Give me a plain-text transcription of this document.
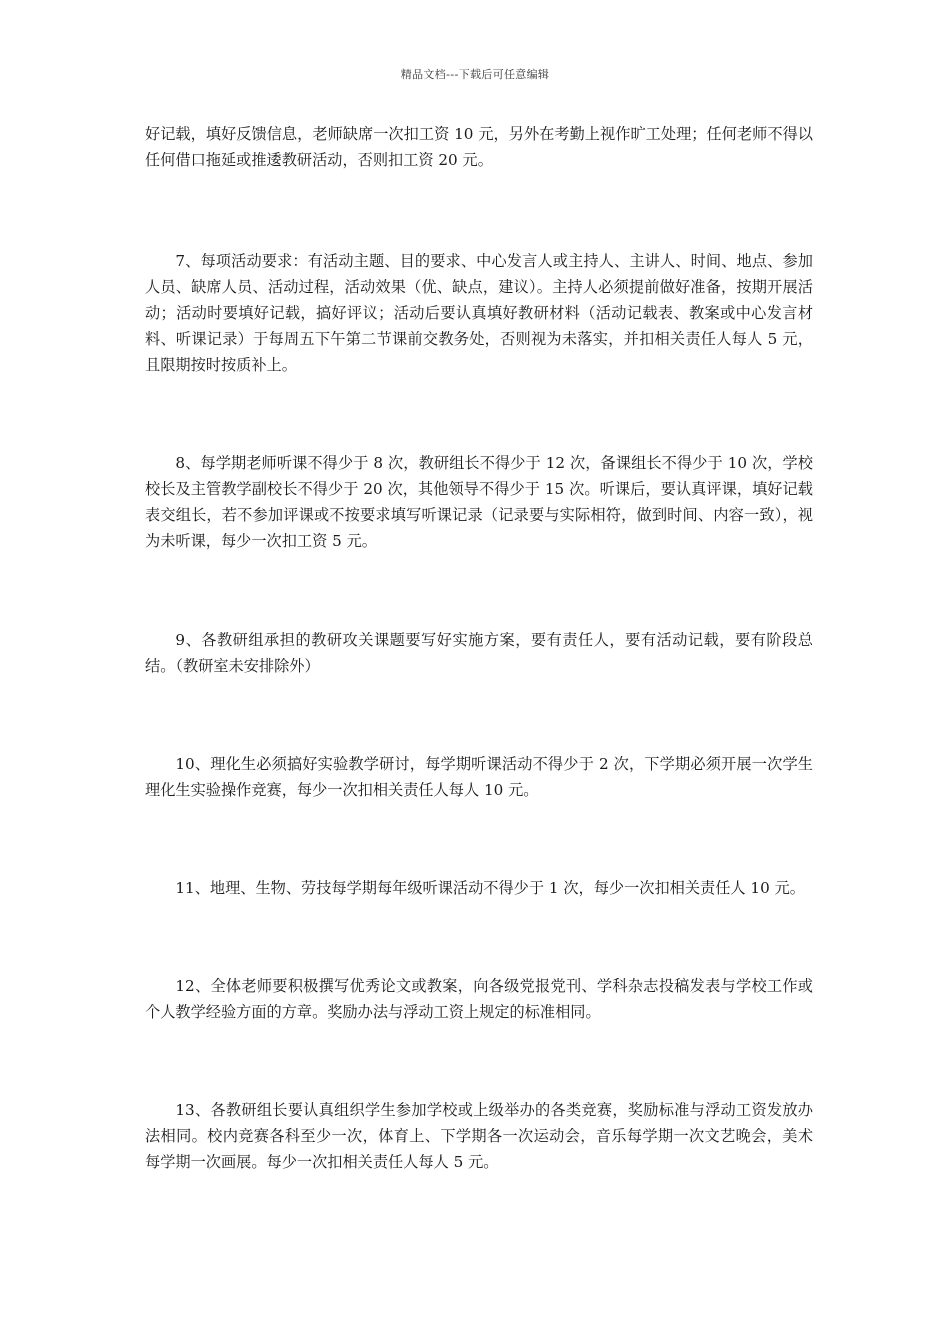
精品文档---下载后可任意编辑

好记载，填好反馈信息，老师缺席一次扣工资 10 元，另外在考勤上视作旷工处理；任何老师不得以任何借口拖延或推逶教研活动，否则扣工资 20 元。

7、每项活动要求：有活动主题、目的要求、中心发言人或主持人、主讲人、时间、地点、参加人员、缺席人员、活动过程，活动效果（优、缺点，建议）。主持人必须提前做好准备，按期开展活动；活动时要填好记载，搞好评议；活动后要认真填好教研材料（活动记载表、教案或中心发言材料、听课记录）于每周五下午第二节课前交教务处，否则视为未落实，并扣相关责任人每人 5 元，且限期按时按质补上。

8、每学期老师听课不得少于 8 次，教研组长不得少于 12 次，备课组长不得少于 10 次，学校校长及主管教学副校长不得少于 20 次，其他领导不得少于 15 次。听课后，要认真评课，填好记载表交组长，若不参加评课或不按要求填写听课记录（记录要与实际相符，做到时间、内容一致），视为未听课，每少一次扣工资 5 元。

9、各教研组承担的教研攻关课题要写好实施方案，要有责任人，要有活动记载，要有阶段总结。（教研室未安排除外）

10、理化生必须搞好实验教学研讨，每学期听课活动不得少于 2 次，下学期必须开展一次学生理化生实验操作竞赛，每少一次扣相关责任人每人 10 元。

11、地理、生物、劳技每学期每年级听课活动不得少于 1 次，每少一次扣相关责任人 10 元。

12、全体老师要积极撰写优秀论文或教案，向各级党报党刊、学科杂志投稿发表与学校工作或个人教学经验方面的方章。奖励办法与浮动工资上规定的标准相同。

13、各教研组长要认真组织学生参加学校或上级举办的各类竞赛，奖励标准与浮动工资发放办法相同。校内竞赛各科至少一次，体育上、下学期各一次运动会，音乐每学期一次文艺晚会，美术每学期一次画展。每少一次扣相关责任人每人 5 元。
